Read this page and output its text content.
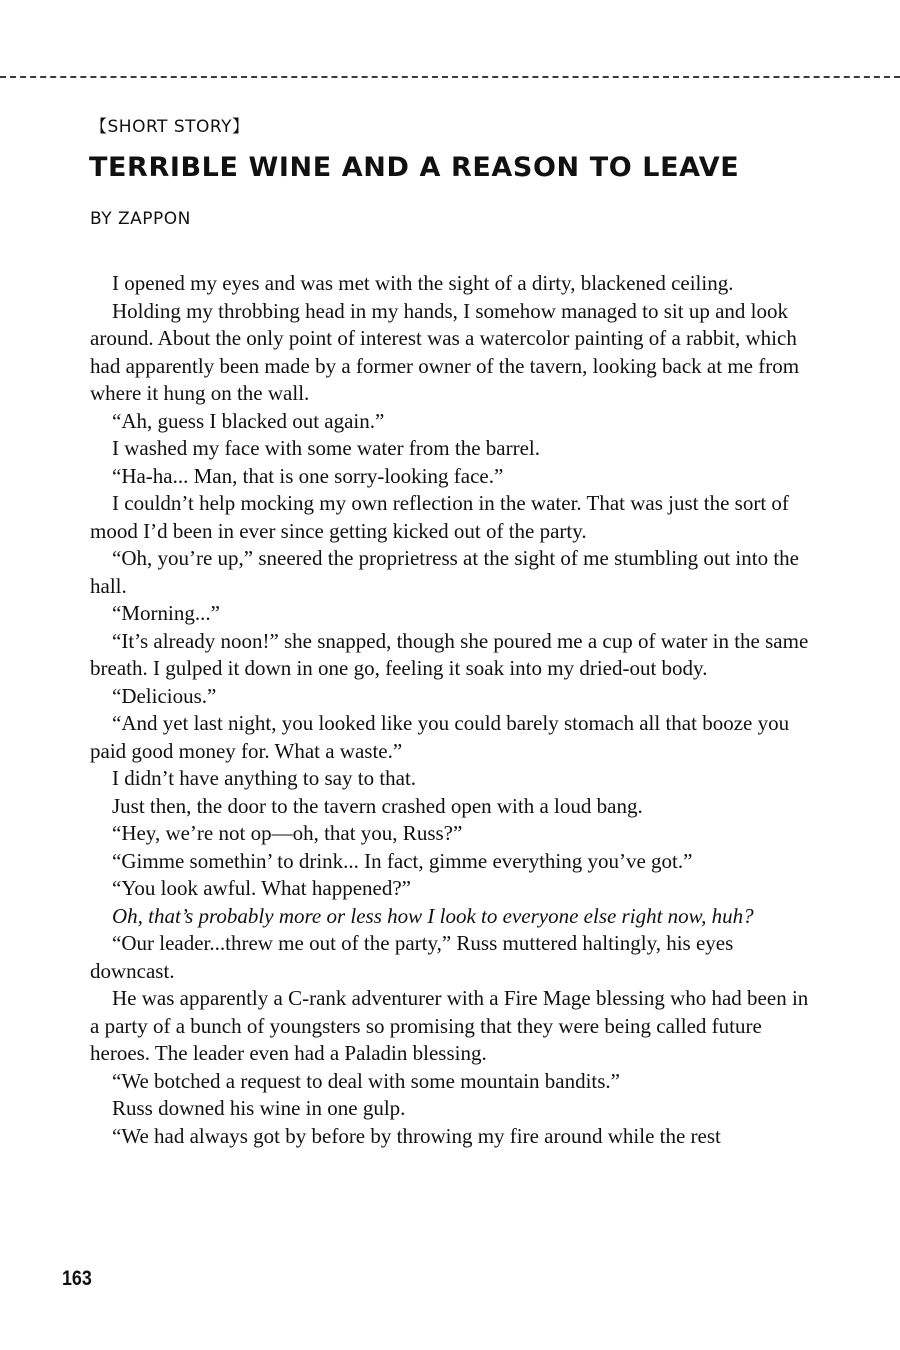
【SHORT STORY】
TERRIBLE WINE AND A REASON TO LEAVE
BY ZAPPON

I opened my eyes and was met with the sight of a dirty, blackened ceiling.

Holding my throbbing head in my hands, I somehow managed to sit up and look around. About the only point of interest was a watercolor painting of a rabbit, which had apparently been made by a former owner of the tavern, looking back at me from where it hung on the wall.

“Ah, guess I blacked out again.”

I washed my face with some water from the barrel.

“Ha-ha... Man, that is one sorry-looking face.”

I couldn’t help mocking my own reflection in the water. That was just the sort of mood I’d been in ever since getting kicked out of the party.

“Oh, you’re up,” sneered the proprietress at the sight of me stumbling out into the hall.

“Morning...”

“It’s already noon!” she snapped, though she poured me a cup of water in the same breath. I gulped it down in one go, feeling it soak into my dried-out body.

“Delicious.”

“And yet last night, you looked like you could barely stomach all that booze you paid good money for. What a waste.”

I didn’t have anything to say to that.

Just then, the door to the tavern crashed open with a loud bang.

“Hey, we’re not op—oh, that you, Russ?”

“Gimme somethin’ to drink... In fact, gimme everything you’ve got.”

“You look awful. What happened?”

Oh, that’s probably more or less how I look to everyone else right now, huh?

“Our leader...threw me out of the party,” Russ muttered haltingly, his eyes downcast.

He was apparently a C-rank adventurer with a Fire Mage blessing who had been in a party of a bunch of youngsters so promising that they were being called future heroes. The leader even had a Paladin blessing.

“We botched a request to deal with some mountain bandits.”

Russ downed his wine in one gulp.

“We had always got by before by throwing my fire around while the rest

163
